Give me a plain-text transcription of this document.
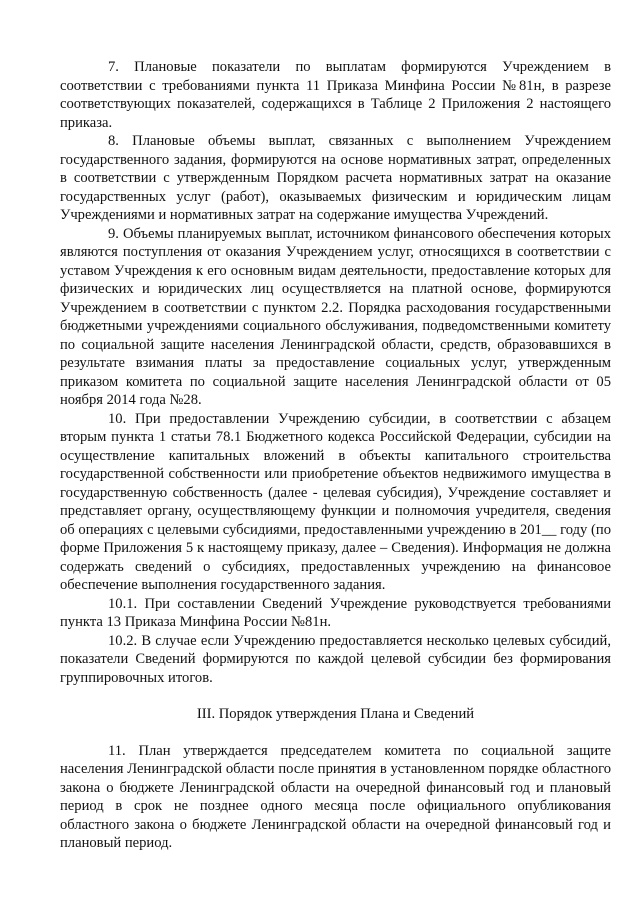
7. Плановые показатели по выплатам формируются Учреждением в соответствии с требованиями пункта 11 Приказа Минфина России №81н, в разрезе соответствующих показателей, содержащихся в Таблице 2 Приложения 2 настоящего приказа.

8. Плановые объемы выплат, связанных с выполнением Учреждением государственного задания, формируются на основе нормативных затрат, определенных в соответствии с утвержденным Порядком расчета нормативных затрат на оказание государственных услуг (работ), оказываемых физическим и юридическим лицам Учреждениями и нормативных затрат на содержание имущества Учреждений.

9. Объемы планируемых выплат, источником финансового обеспечения которых являются поступления от оказания Учреждением услуг, относящихся в соответствии с уставом Учреждения к его основным видам деятельности, предоставление которых для физических и юридических лиц осуществляется на платной основе, формируются Учреждением в соответствии с пунктом 2.2. Порядка расходования государственными бюджетными учреждениями социального обслуживания, подведомственными комитету по социальной защите населения Ленинградской области, средств, образовавшихся в результате взимания платы за предоставление социальных услуг, утвержденным приказом комитета по социальной защите населения Ленинградской области от 05 ноября 2014 года №28.

10. При предоставлении Учреждению субсидии, в соответствии с абзацем вторым пункта 1 статьи 78.1 Бюджетного кодекса Российской Федерации, субсидии на осуществление капитальных вложений в объекты капитального строительства государственной собственности или приобретение объектов недвижимого имущества в государственную собственность (далее - целевая субсидия), Учреждение составляет и представляет органу, осуществляющему функции и полномочия учредителя, сведения об операциях с целевыми субсидиями, предоставленными учреждению в 201__ году (по форме Приложения 5 к настоящему приказу, далее – Сведения). Информация не должна содержать сведений о субсидиях, предоставленных учреждению на финансовое обеспечение выполнения государственного задания.

10.1. При составлении Сведений Учреждение руководствуется требованиями пункта 13 Приказа Минфина России №81н.

10.2. В случае если Учреждению предоставляется несколько целевых субсидий, показатели Сведений формируются по каждой целевой субсидии без формирования группировочных итогов.

III. Порядок утверждения Плана и Сведений

11. План утверждается председателем комитета по социальной защите населения Ленинградской области после принятия в установленном порядке областного закона о бюджете Ленинградской области на очередной финансовый год и плановый период в срок не позднее одного месяца после официального опубликования областного закона о бюджете Ленинградской области на очередной финансовый год и плановый период.
